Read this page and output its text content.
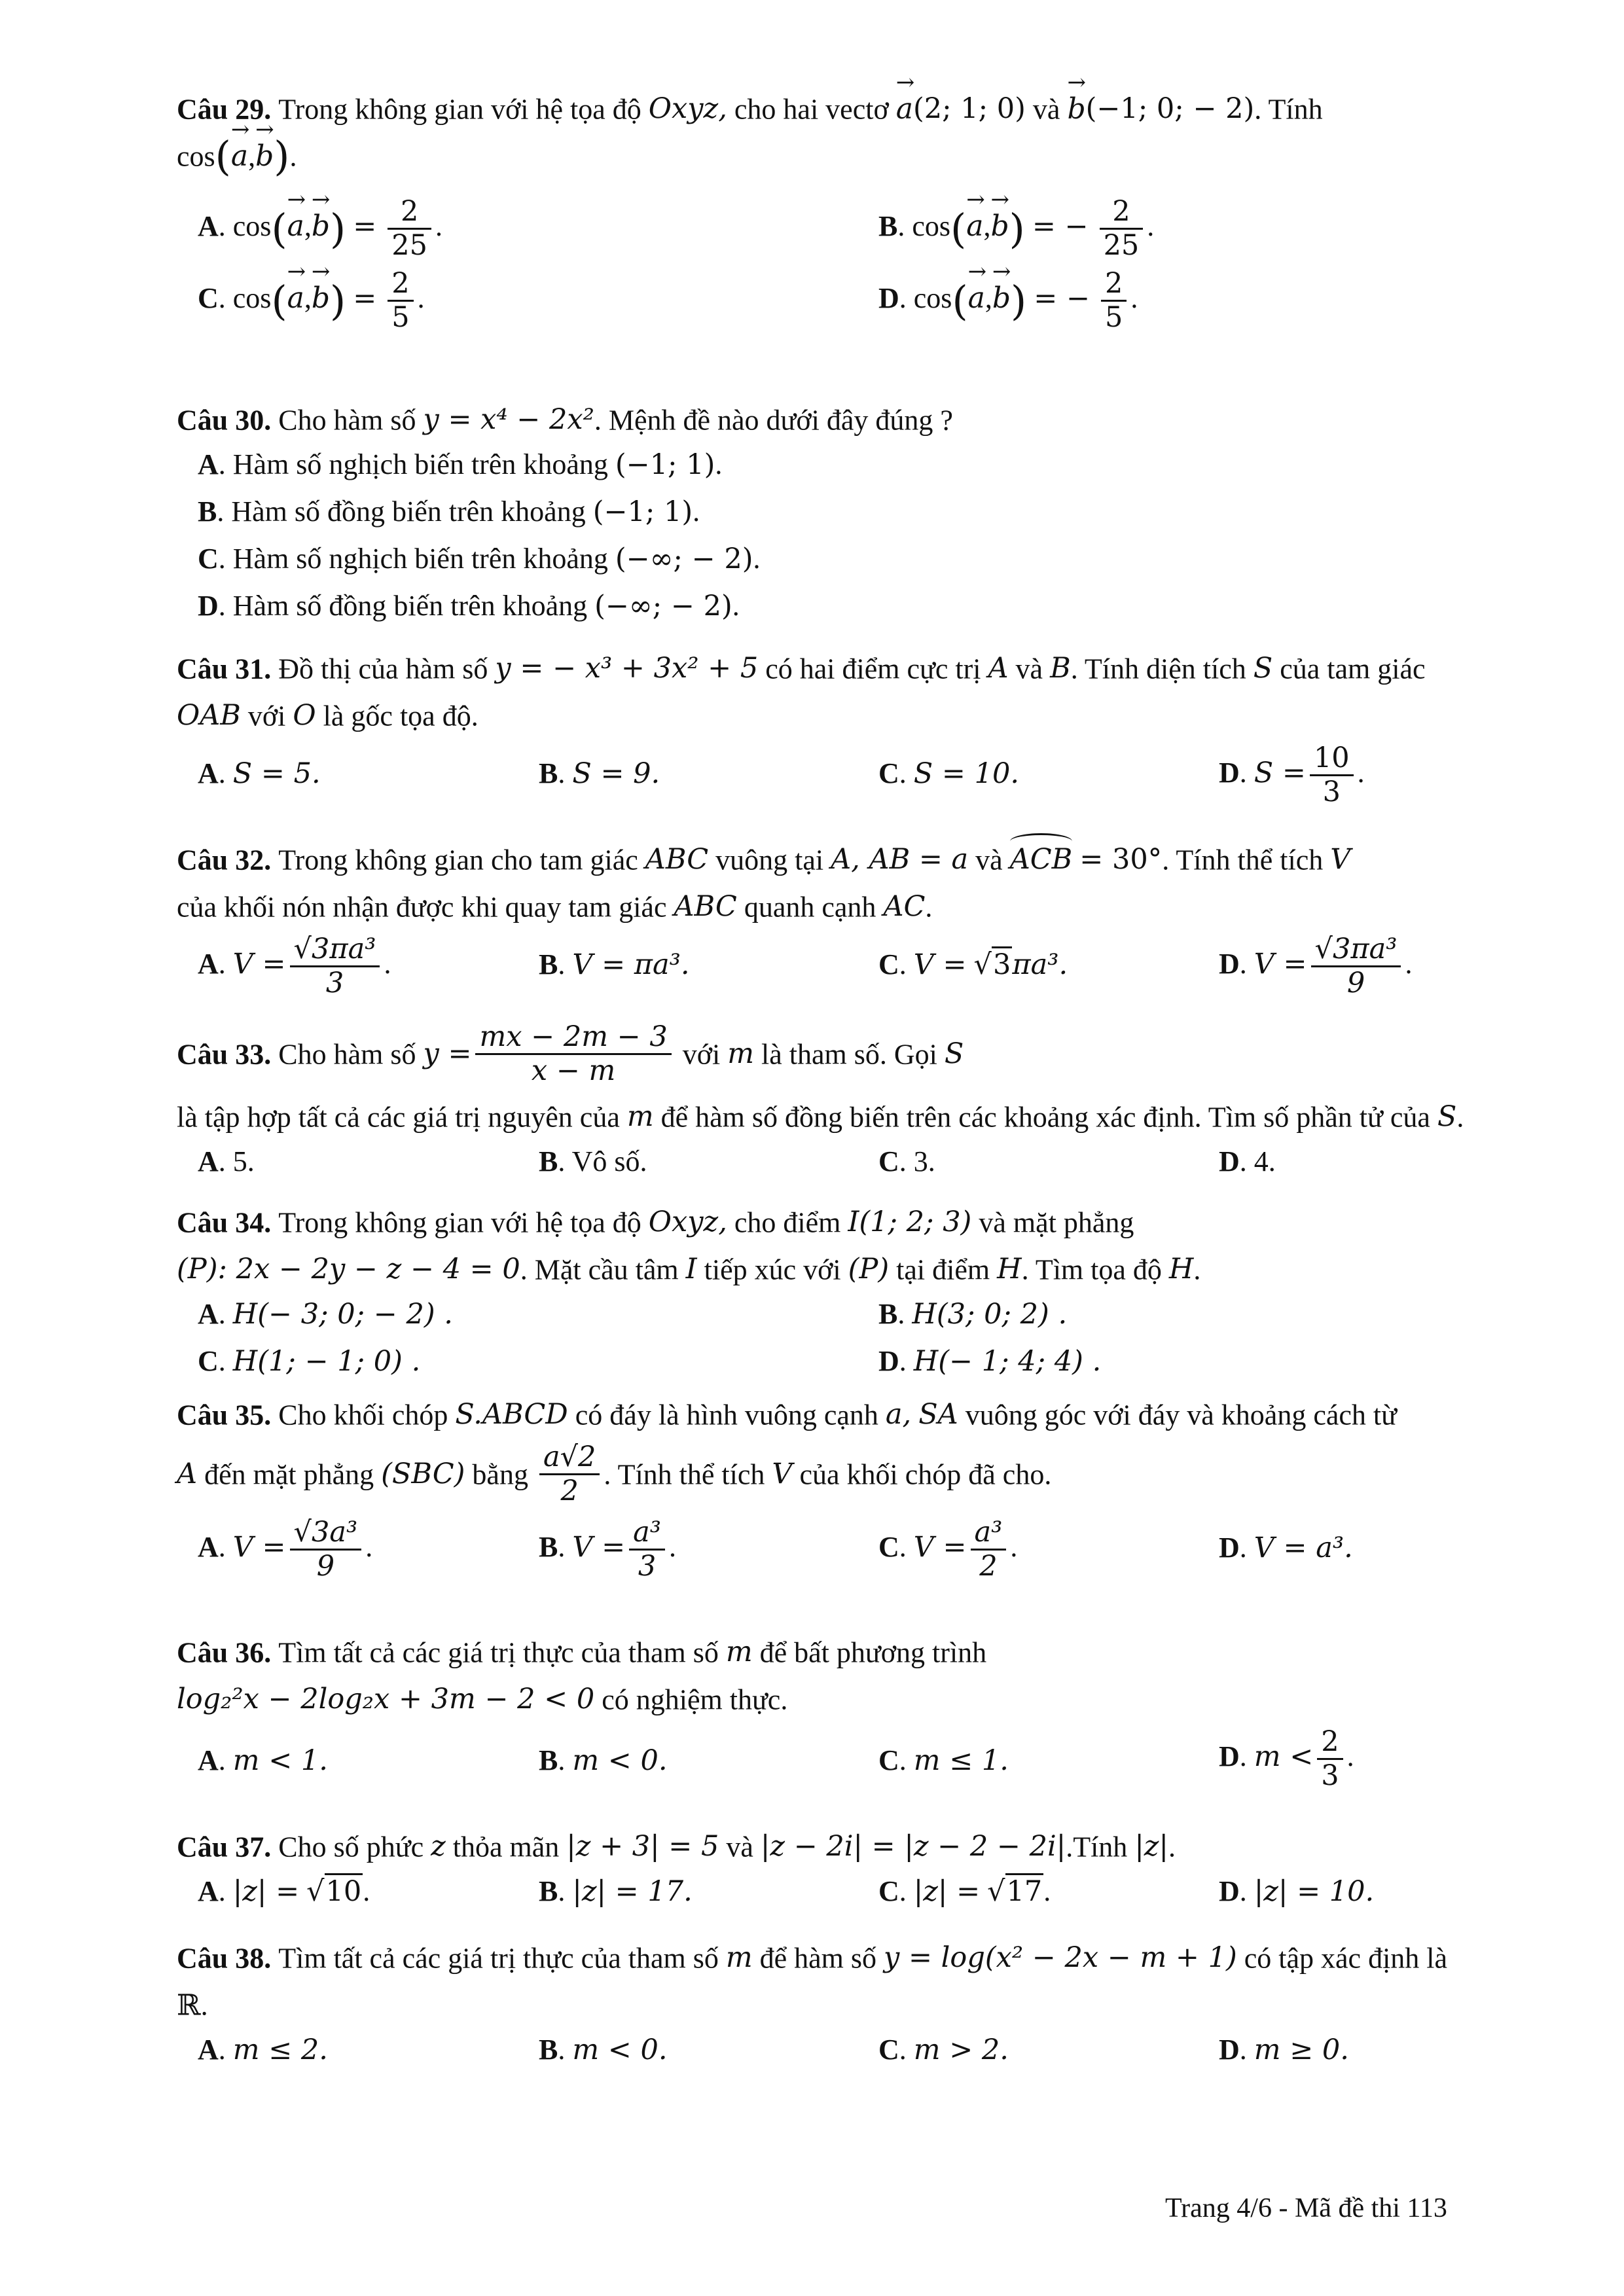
Câu 29. Trong không gian với hệ tọa độ Oxyz, cho hai vectơ → a(2; 1; 0) và → b(−1; 0; − 2). Tính
cos(→ a,→ b).
A. $\cos(\to a,\to b) = \frac{2}{25}$ .	B. cos(→ a,→ b) = − $\frac{2}{25}$ .
C. $\cos(\to a,\to b) = \frac{2}{5}$ .	D. cos(→ a,→ b) = − $\frac{2}{5}$ .
Câu 30. Cho hàm số y = x⁴ − 2x². Mệnh đề nào dưới đây đúng ?
A. Hàm số nghịch biến trên khoảng (−1; 1).
B. Hàm số đồng biến trên khoảng (−1; 1).
C. Hàm số nghịch biến trên khoảng (−∞; − 2).
D. Hàm số đồng biến trên khoảng (−∞; − 2).
Câu 31. Đồ thị của hàm số y = − x³ + 3x² + 5 có hai điểm cực trị A và B. Tính diện tích S của tam giác
OAB với O là gốc tọa độ.
A. S = 5.	B. S = 9.	C. S = 10.	D. $S = \frac{10}{3}$ .
Câu 32. Trong không gian cho tam giác ABC vuông tại A, AB = a và ACB = 30°. Tính thể tích V
của khối nón nhận được khi quay tam giác ABC quanh cạnh AC.
A. $V = \frac{\text{√3πa³}}{3}$ .	B. V = πa³.	C. V = √3πa³.	D. $V = \frac{\text{√3πa³}}{9}$ .
Câu 33. Cho hàm số $y = \frac{mx - 2m - 3}{x - m}$ với m là tham số. Gọi S
là tập hợp tất cả các giá trị nguyên của m để hàm số đồng biến trên các khoảng xác định. Tìm số phần tử của S.
A. 5.	B. Vô số.	C. 3.	D. 4.
Câu 34. Trong không gian với hệ tọa độ Oxyz, cho điểm I(1; 2; 3) và mặt phẳng
(P): 2x − 2y − z − 4 = 0. Mặt cầu tâm I tiếp xúc với (P) tại điểm H. Tìm tọa độ H.
A. H(− 3; 0; − 2) .	B. H(3; 0; 2) .
C. H(1; − 1; 0) .	D. H(− 1; 4; 4) .
Câu 35. Cho khối chóp S.ABCD có đáy là hình vuông cạnh a, SA vuông góc với đáy và khoảng cách từ
A đến mặt phẳng (SBC) bằng $\frac{a√2}{2}$ . Tính thể tích V của khối chóp đã cho.
A. $V = \frac{\text{√3a³}}{9}$ .	B. $V = \frac{\text{a³}}{3}$ .	C. $V = \frac{\text{a³}}{2}$ .	D. V = a³.
Câu 36. Tìm tất cả các giá trị thực của tham số m để bất phương trình
log₂²x − 2log₂x + 3m − 2 < 0 có nghiệm thực.
A. m < 1.	B. m < 0.	C. m ≤ 1.	D. $m < \frac{2}{3}$ .
Câu 37. Cho số phức z thỏa mãn |z + 3| = 5 và |z − 2i| = |z − 2 − 2i|.Tính |z|.
A. |z| = √10.	B. |z| = 17.	C. |z| = √17.	D. |z| = 10.
Câu 38. Tìm tất cả các giá trị thực của tham số m để hàm số y = log(x² − 2x − m + 1) có tập xác định là
ℝ.
A. m ≤ 2.	B. m < 0.	C. m > 2.	D. m ≥ 0.
Trang 4/6 - Mã đề thi 113
